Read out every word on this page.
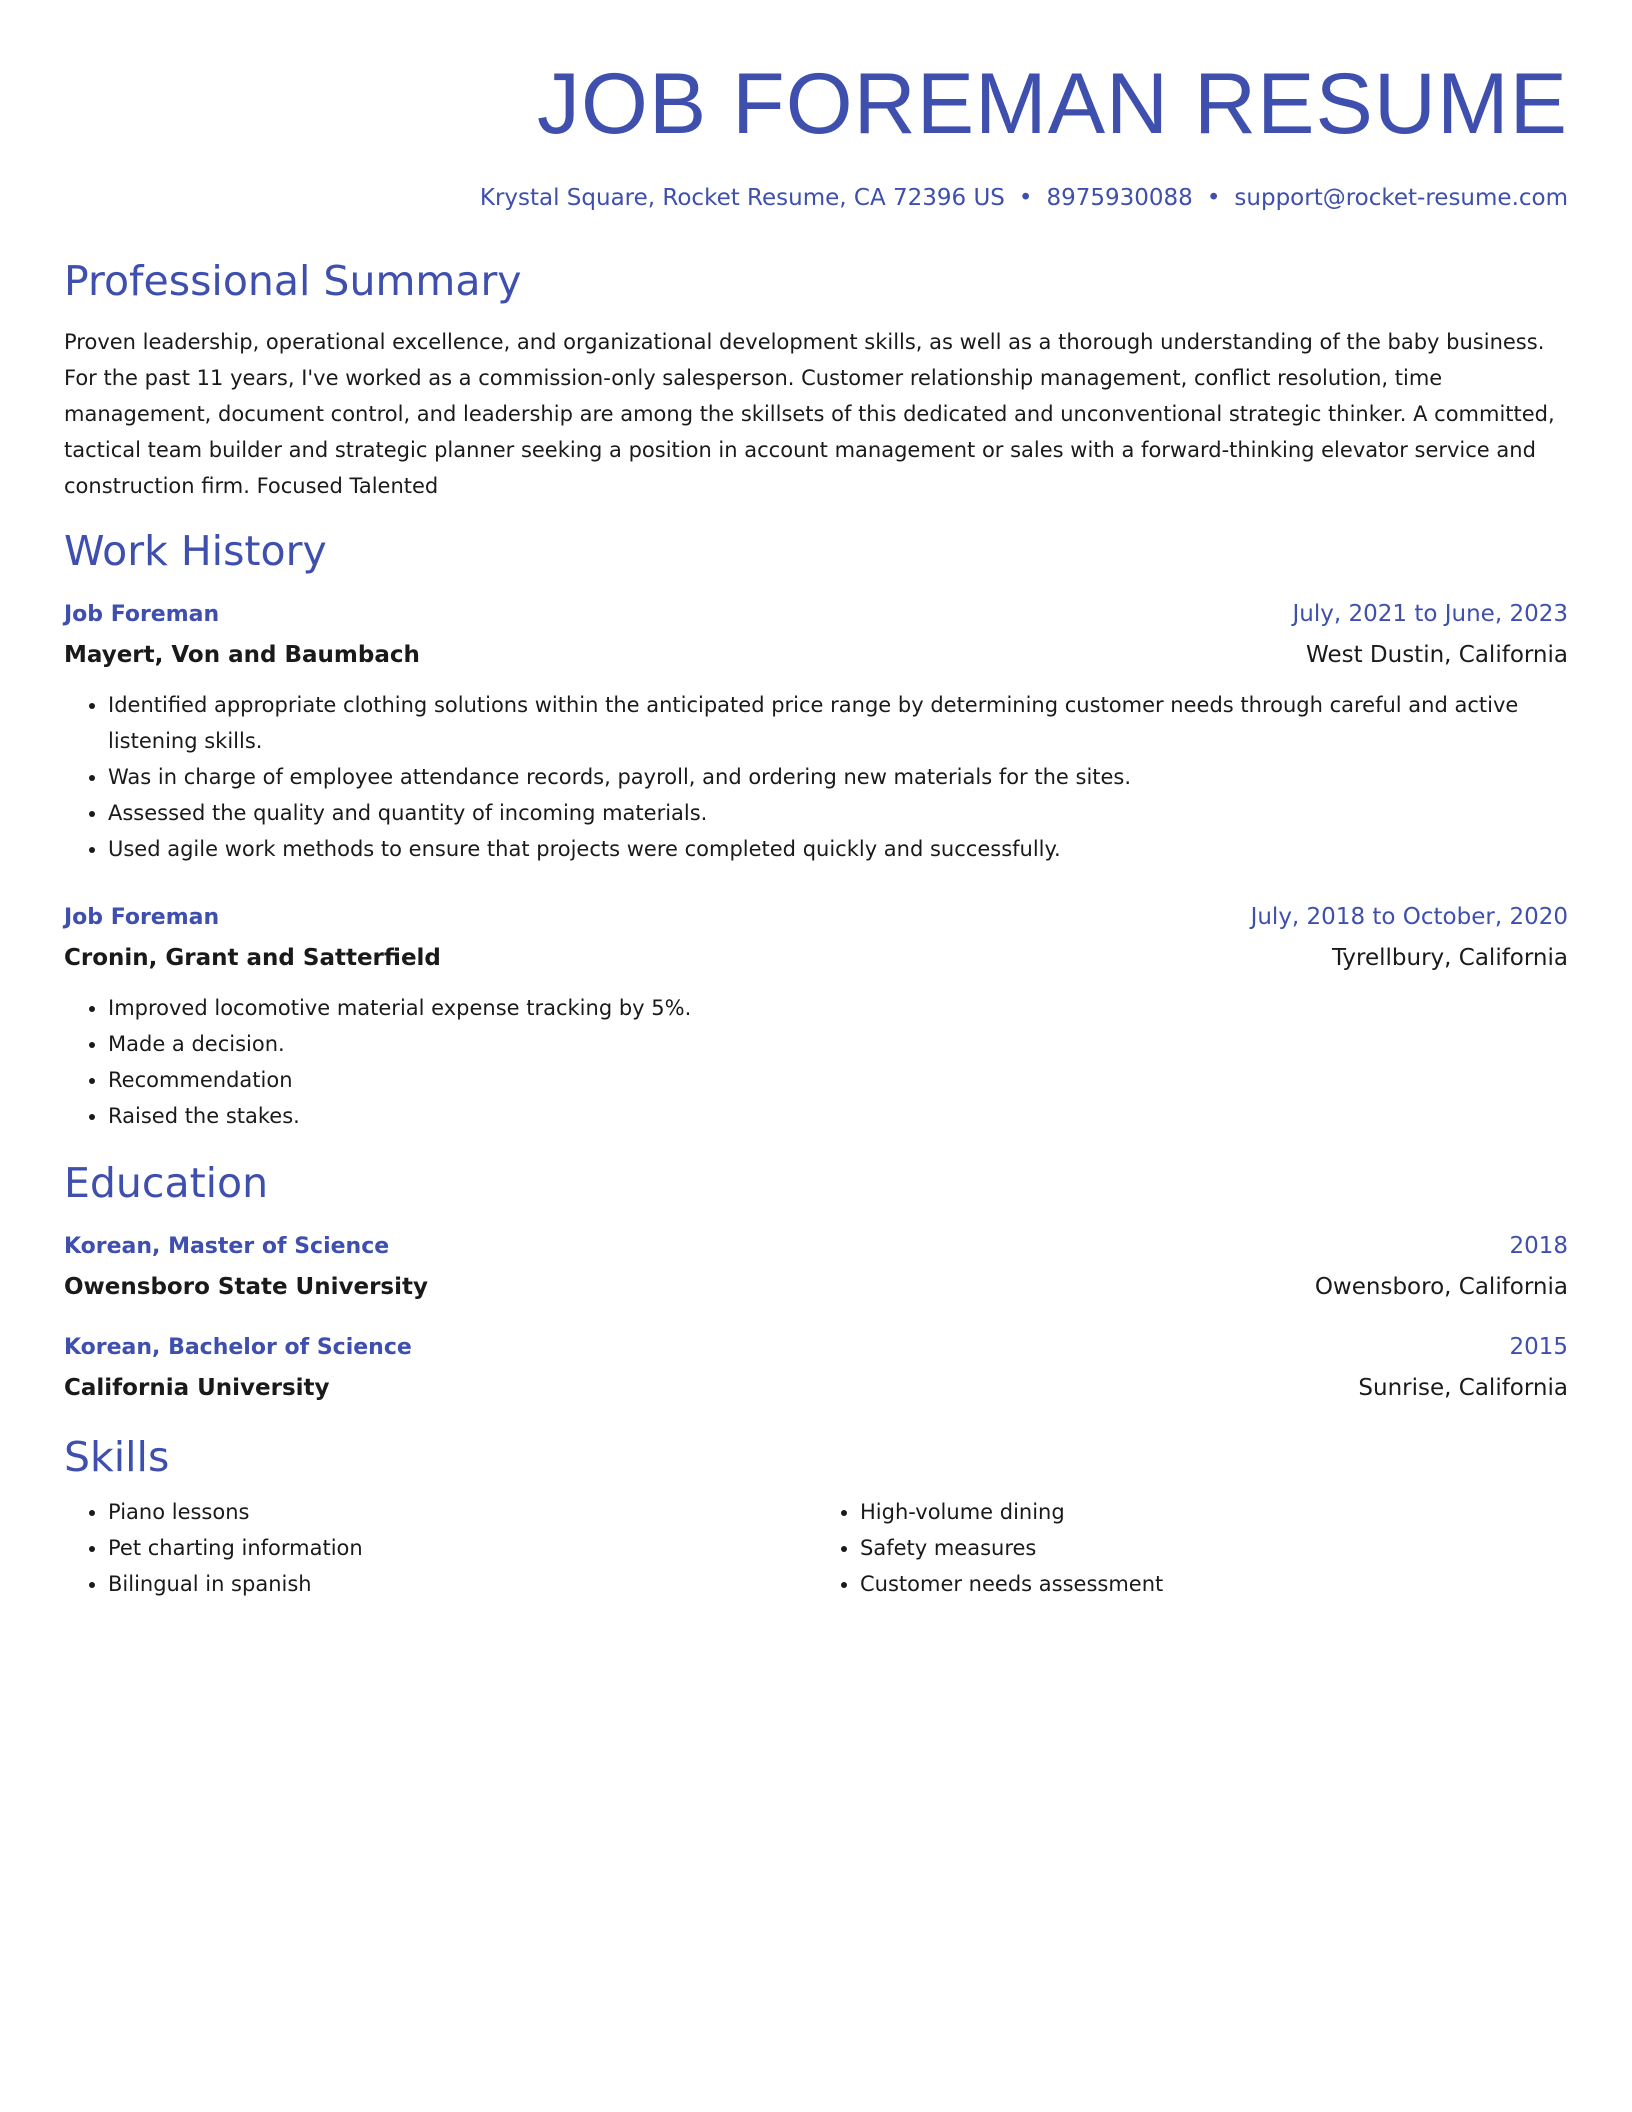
JOB FOREMAN RESUME
Krystal Square, Rocket Resume, CA 72396 US • 8975930088 • support@rocket-resume.com
Professional Summary
Proven leadership, operational excellence, and organizational development skills, as well as a thorough understanding of the baby business. For the past 11 years, I've worked as a commission-only salesperson. Customer relationship management, conflict resolution, time management, document control, and leadership are among the skillsets of this dedicated and unconventional strategic thinker. A committed, tactical team builder and strategic planner seeking a position in account management or sales with a forward-thinking elevator service and construction firm. Focused Talented
Work History
Job Foreman	July, 2021 to June, 2023
Mayert, Von and Baumbach	West Dustin, California
• Identified appropriate clothing solutions within the anticipated price range by determining customer needs through careful and active listening skills.
• Was in charge of employee attendance records, payroll, and ordering new materials for the sites.
• Assessed the quality and quantity of incoming materials.
• Used agile work methods to ensure that projects were completed quickly and successfully.
Job Foreman	July, 2018 to October, 2020
Cronin, Grant and Satterfield	Tyrellbury, California
• Improved locomotive material expense tracking by 5%.
• Made a decision.
• Recommendation
• Raised the stakes.
Education
Korean, Master of Science	2018
Owensboro State University	Owensboro, California
Korean, Bachelor of Science	2015
California University	Sunrise, California
Skills
• Piano lessons
• Pet charting information
• Bilingual in spanish
• High-volume dining
• Safety measures
• Customer needs assessment
